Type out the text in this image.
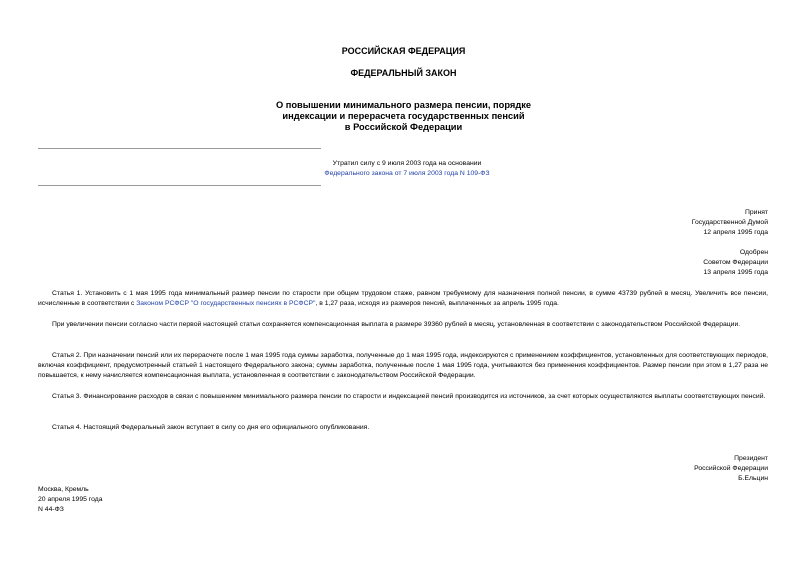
РОССИЙСКАЯ ФЕДЕРАЦИЯ
ФЕДЕРАЛЬНЫЙ ЗАКОН
О повышении минимального размера пенсии, порядке
индексации и перерасчета государственных пенсий
в Российской Федерации
Утратил силу с 9 июля 2003 года на основании
Федерального закона от 7 июля 2003 года N 109-ФЗ
Принят
Государственной Думой
12 апреля 1995 года
Одобрен
Советом Федерации
13 апреля 1995 года
Статья 1. Установить с 1 мая 1995 года минимальный размер пенсии по старости при общем трудовом стаже, равном требуемому для назначения полной пенсии, в сумме 43739 рублей в месяц. Увеличить все пенсии, исчисленные в соответствии с Законом РСФСР "О государственных пенсиях в РСФСР", в 1,27 раза, исходя из размеров пенсий, выплаченных за апрель 1995 года.
При увеличении пенсии согласно части первой настоящей статьи сохраняется компенсационная выплата в размере 39360 рублей в месяц, установленная в соответствии с законодательством Российской Федерации.
Статья 2. При назначении пенсий или их перерасчете после 1 мая 1995 года суммы заработка, полученные до 1 мая 1995 года, индексируются с применением коэффициентов, установленных для соответствующих периодов, включая коэффициент, предусмотренный статьей 1 настоящего Федерального закона; суммы заработка, полученные после 1 мая 1995 года, учитываются без применения коэффициентов. Размер пенсии при этом в 1,27 раза не повышается, к нему начисляется компенсационная выплата, установленная в соответствии с законодательством Российской Федерации.
Статья 3. Финансирование расходов в связи с повышением минимального размера пенсии по старости и индексацией пенсий производится из источников, за счет которых осуществляются выплаты соответствующих пенсий.
Статья 4. Настоящий Федеральный закон вступает в силу со дня его официального опубликования.
Президент
Российской Федерации
Б.Ельцин
Москва, Кремль
20 апреля 1995 года
N 44-ФЗ
